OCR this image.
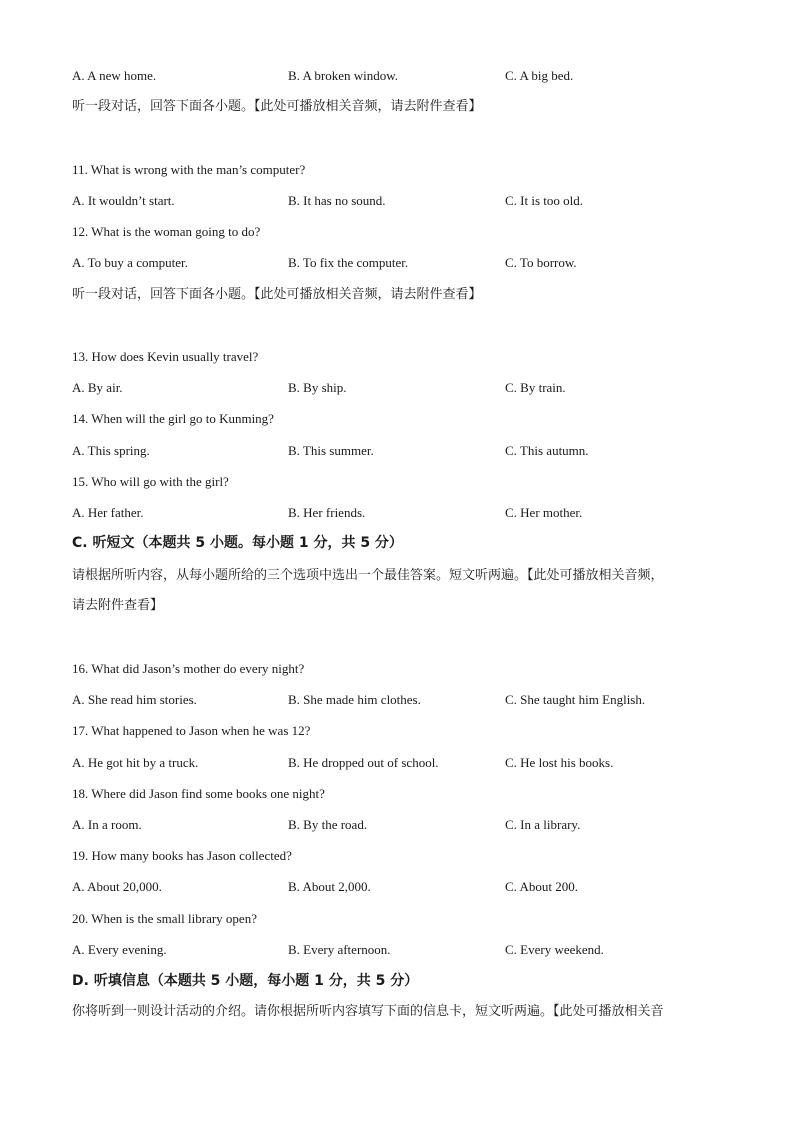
A. A new home.	B. A broken window.	C. A big bed.
听一段对话，回答下面各小题。【此处可播放相关音频，请去附件查看】
11. What is wrong with the man’s computer?
A. It wouldn’t start.	B. It has no sound.	C. It is too old.
12. What is the woman going to do?
A. To buy a computer.	B. To fix the computer.	C. To borrow.
听一段对话，回答下面各小题。【此处可播放相关音频，请去附件查看】
13. How does Kevin usually travel?
A. By air.	B. By ship.	C. By train.
14. When will the girl go to Kunming?
A. This spring.	B. This summer.	C. This autumn.
15. Who will go with the girl?
A. Her father.	B. Her friends.	C. Her mother.
C. 听短文（本题共 5 小题。每小题 1 分，共 5 分）
请根据所听内容，从每小题所给的三个选项中选出一个最佳答案。短文听两遍。【此处可播放相关音频，
请去附件查看】
16. What did Jason’s mother do every night?
A. She read him stories.	B. She made him clothes.	C. She taught him English.
17. What happened to Jason when he was 12?
A. He got hit by a truck.	B. He dropped out of school.	C. He lost his books.
18. Where did Jason find some books one night?
A. In a room.	B. By the road.	C. In a library.
19. How many books has Jason collected?
A. About 20,000.	B. About 2,000.	C. About 200.
20. When is the small library open?
A. Every evening.	B. Every afternoon.	C. Every weekend.
D. 听填信息（本题共 5 小题，每小题 1 分，共 5 分）
你将听到一则设计活动的介绍。请你根据所听内容填写下面的信息卡，短文听两遍。【此处可播放相关音
